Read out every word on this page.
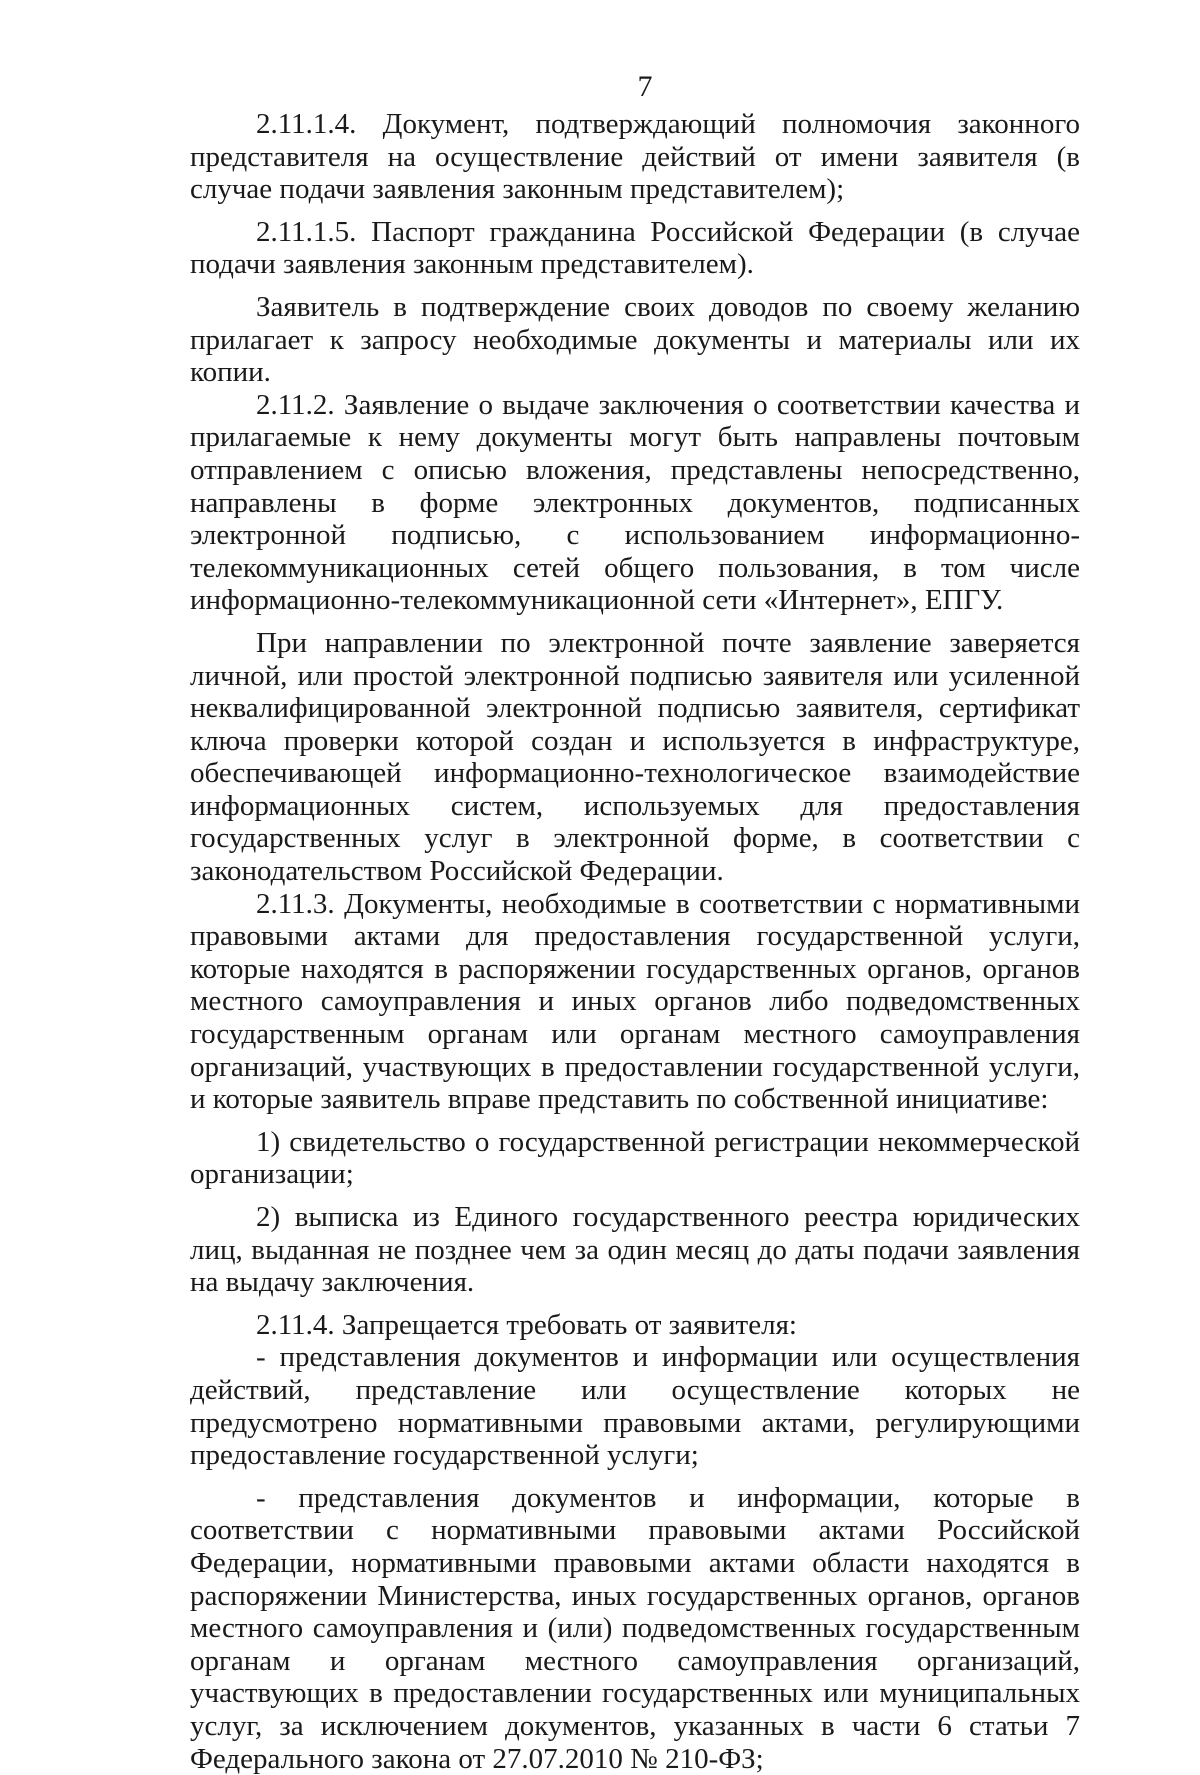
7

2.11.1.4. Документ, подтверждающий полномочия законного представителя на осуществление действий от имени заявителя (в случае подачи заявления законным представителем);

2.11.1.5. Паспорт гражданина Российской Федерации (в случае подачи заявления законным представителем).

Заявитель в подтверждение своих доводов по своему желанию прилагает к запросу необходимые документы и материалы или их копии.

2.11.2. Заявление о выдаче заключения о соответствии качества и прилагаемые к нему документы могут быть направлены почтовым отправлением с описью вложения, представлены непосредственно, направлены в форме электронных документов, подписанных электронной подписью, с использованием информационно-телекоммуникационных сетей общего пользования, в том числе информационно-телекоммуникационной сети «Интернет», ЕПГУ.

При направлении по электронной почте заявление заверяется личной, или простой электронной подписью заявителя или усиленной неквалифицированной электронной подписью заявителя, сертификат ключа проверки которой создан и используется в инфраструктуре, обеспечивающей информационно-технологическое взаимодействие информационных систем, используемых для предоставления государственных услуг в электронной форме, в соответствии с законодательством Российской Федерации.

2.11.3. Документы, необходимые в соответствии с нормативными правовыми актами для предоставления государственной услуги, которые находятся в распоряжении государственных органов, органов местного самоуправления и иных органов либо подведомственных государственным органам или органам местного самоуправления организаций, участвующих в предоставлении государственной услуги, и которые заявитель вправе представить по собственной инициативе:

1) свидетельство о государственной регистрации некоммерческой организации;

2) выписка из Единого государственного реестра юридических лиц, выданная не позднее чем за один месяц до даты подачи заявления на выдачу заключения.

2.11.4. Запрещается требовать от заявителя:

- представления документов и информации или осуществления действий, представление или осуществление которых не предусмотрено нормативными правовыми актами, регулирующими предоставление государственной услуги;

- представления документов и информации, которые в соответствии с нормативными правовыми актами Российской Федерации, нормативными правовыми актами области находятся в распоряжении Министерства, иных государственных органов, органов местного самоуправления и (или) подведомственных государственным органам и органам местного самоуправления организаций, участвующих в предоставлении государственных или муниципальных услуг, за исключением документов, указанных в части 6 статьи 7 Федерального закона от 27.07.2010 № 210-ФЗ;
